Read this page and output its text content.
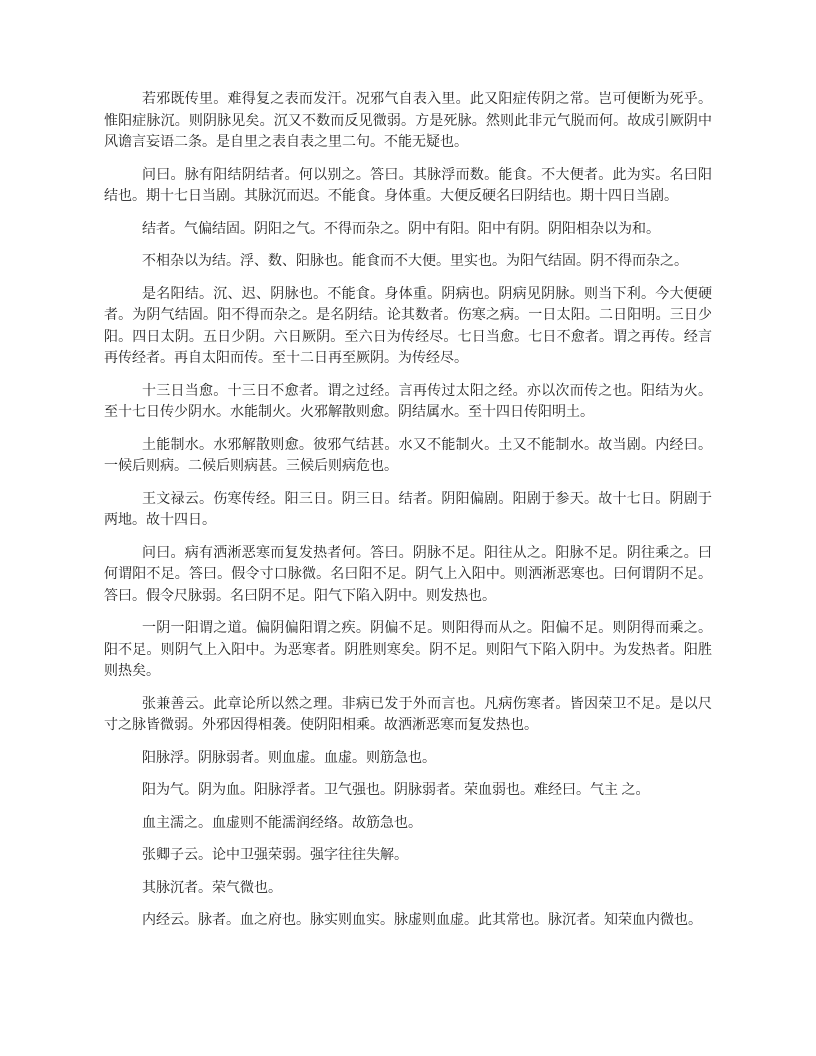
若邪既传里。难得复之表而发汗。况邪气自表入里。此又阳症传阴之常。岂可便断为死乎。惟阳症脉沉。则阴脉见矣。沉又不数而反见微弱。方是死脉。然则此非元气脱而何。故成引厥阴中风谵言妄语二条。是自里之表自表之里二句。不能无疑也。

问曰。脉有阳结阴结者。何以别之。答曰。其脉浮而数。能食。不大便者。此为实。名曰阳结也。期十七日当剧。其脉沉而迟。不能食。身体重。大便反硬名曰阴结也。期十四日当剧。

结者。气偏结固。阴阳之气。不得而杂之。阴中有阳。阳中有阴。阴阳相杂以为和。

不相杂以为结。浮、数、阳脉也。能食而不大便。里实也。为阳气结固。阴不得而杂之。

是名阳结。沉、迟、阴脉也。不能食。身体重。阴病也。阴病见阴脉。则当下利。今大便硬者。为阴气结固。阳不得而杂之。是名阴结。论其数者。伤寒之病。一日太阳。二日阳明。三日少阳。四日太阴。五日少阴。六日厥阴。至六日为传经尽。七日当愈。七日不愈者。谓之再传。经言再传经者。再自太阳而传。至十二日再至厥阴。为传经尽。

十三日当愈。十三日不愈者。谓之过经。言再传过太阳之经。亦以次而传之也。阳结为火。至十七日传少阴水。水能制火。火邪解散则愈。阴结属水。至十四日传阳明土。

土能制水。水邪解散则愈。彼邪气结甚。水又不能制火。土又不能制水。故当剧。内经曰。一候后则病。二候后则病甚。三候后则病危也。

王文禄云。伤寒传经。阳三日。阴三日。结者。阴阳偏剧。阳剧于参天。故十七日。阴剧于两地。故十四日。

问曰。病有洒淅恶寒而复发热者何。答曰。阴脉不足。阳往从之。阳脉不足。阴往乘之。曰何谓阳不足。答曰。假令寸口脉微。名曰阳不足。阴气上入阳中。则洒淅恶寒也。曰何谓阴不足。答曰。假令尺脉弱。名曰阴不足。阳气下陷入阴中。则发热也。

一阴一阳谓之道。偏阴偏阳谓之疾。阴偏不足。则阳得而从之。阳偏不足。则阴得而乘之。阳不足。则阴气上入阳中。为恶寒者。阴胜则寒矣。阴不足。则阳气下陷入阴中。为发热者。阳胜则热矣。

张兼善云。此章论所以然之理。非病已发于外而言也。凡病伤寒者。皆因荣卫不足。是以尺寸之脉皆微弱。外邪因得相袭。使阴阳相乘。故洒淅恶寒而复发热也。

阳脉浮。阴脉弱者。则血虚。血虚。则筋急也。

阳为气。阴为血。阳脉浮者。卫气强也。阴脉弱者。荣血弱也。难经曰。气主 之。

血主濡之。血虚则不能濡润经络。故筋急也。

张卿子云。论中卫强荣弱。强字往往失解。

其脉沉者。荣气微也。

内经云。脉者。血之府也。脉实则血实。脉虚则血虚。此其常也。脉沉者。知荣血内微也。
